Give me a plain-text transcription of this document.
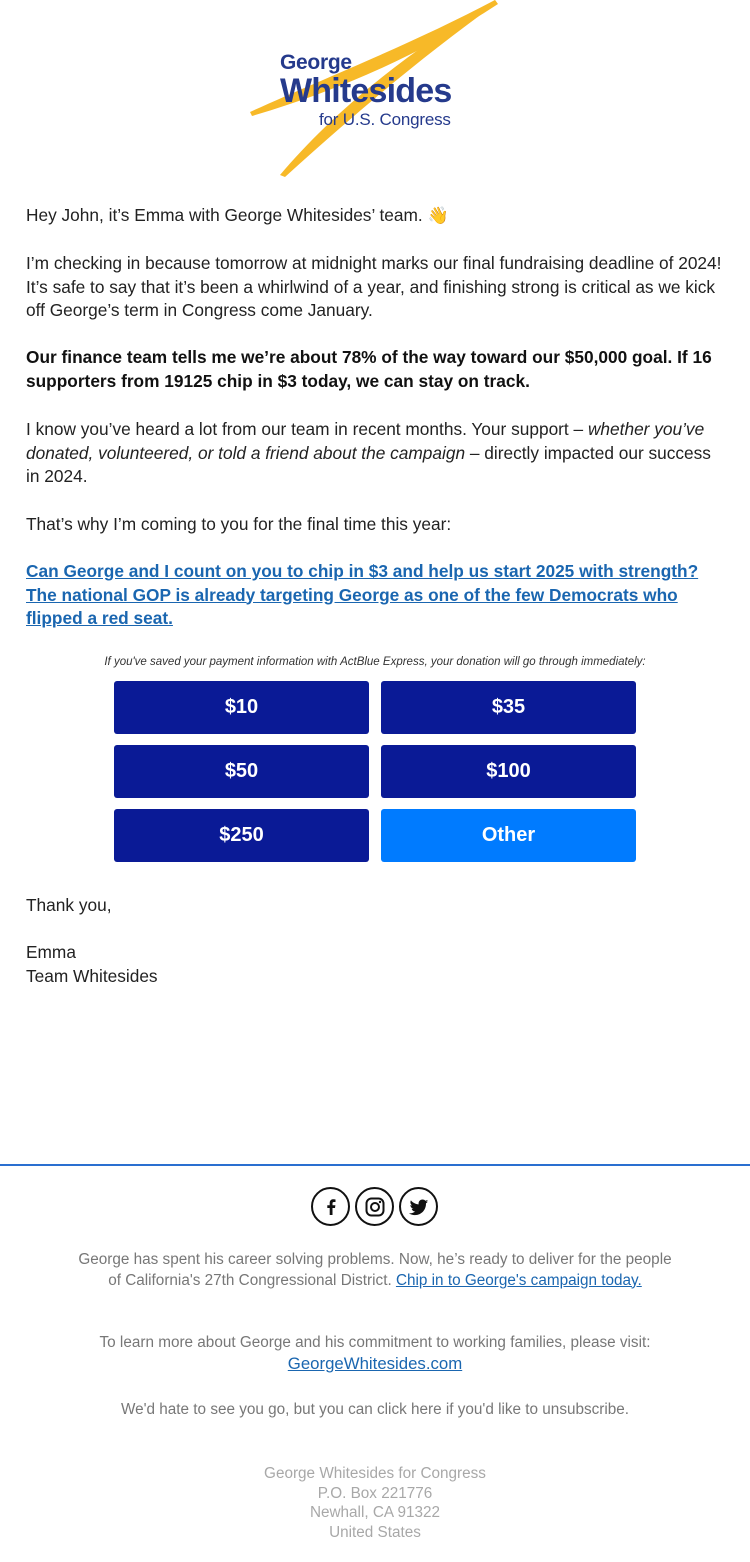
George
Whitesides
for U.S. Congress

Hey John, it’s Emma with George Whitesides’ team. 👋

I’m checking in because tomorrow at midnight marks our final fundraising deadline of 2024! It’s safe to say that it’s been a whirlwind of a year, and finishing strong is critical as we kick off George’s term in Congress come January.

Our finance team tells me we’re about 78% of the way toward our $50,000 goal. If 16 supporters from 19125 chip in $3 today, we can stay on track.

I know you’ve heard a lot from our team in recent months. Your support – whether you’ve donated, volunteered, or told a friend about the campaign – directly impacted our success in 2024.

That’s why I’m coming to you for the final time this year:

Can George and I count on you to chip in $3 and help us start 2025 with strength? The national GOP is already targeting George as one of the few Democrats who flipped a red seat.

If you've saved your payment information with ActBlue Express, your donation will go through immediately:
$10	$35
$50	$100
$250	Other

Thank you,

Emma
Team Whitesides

George has spent his career solving problems. Now, he’s ready to deliver for the people of California's 27th Congressional District. Chip in to George's campaign today.

To learn more about George and his commitment to working families, please visit:
GeorgeWhitesides.com

We'd hate to see you go, but you can click here if you'd like to unsubscribe.

George Whitesides for Congress
P.O. Box 221776
Newhall, CA 91322
United States
